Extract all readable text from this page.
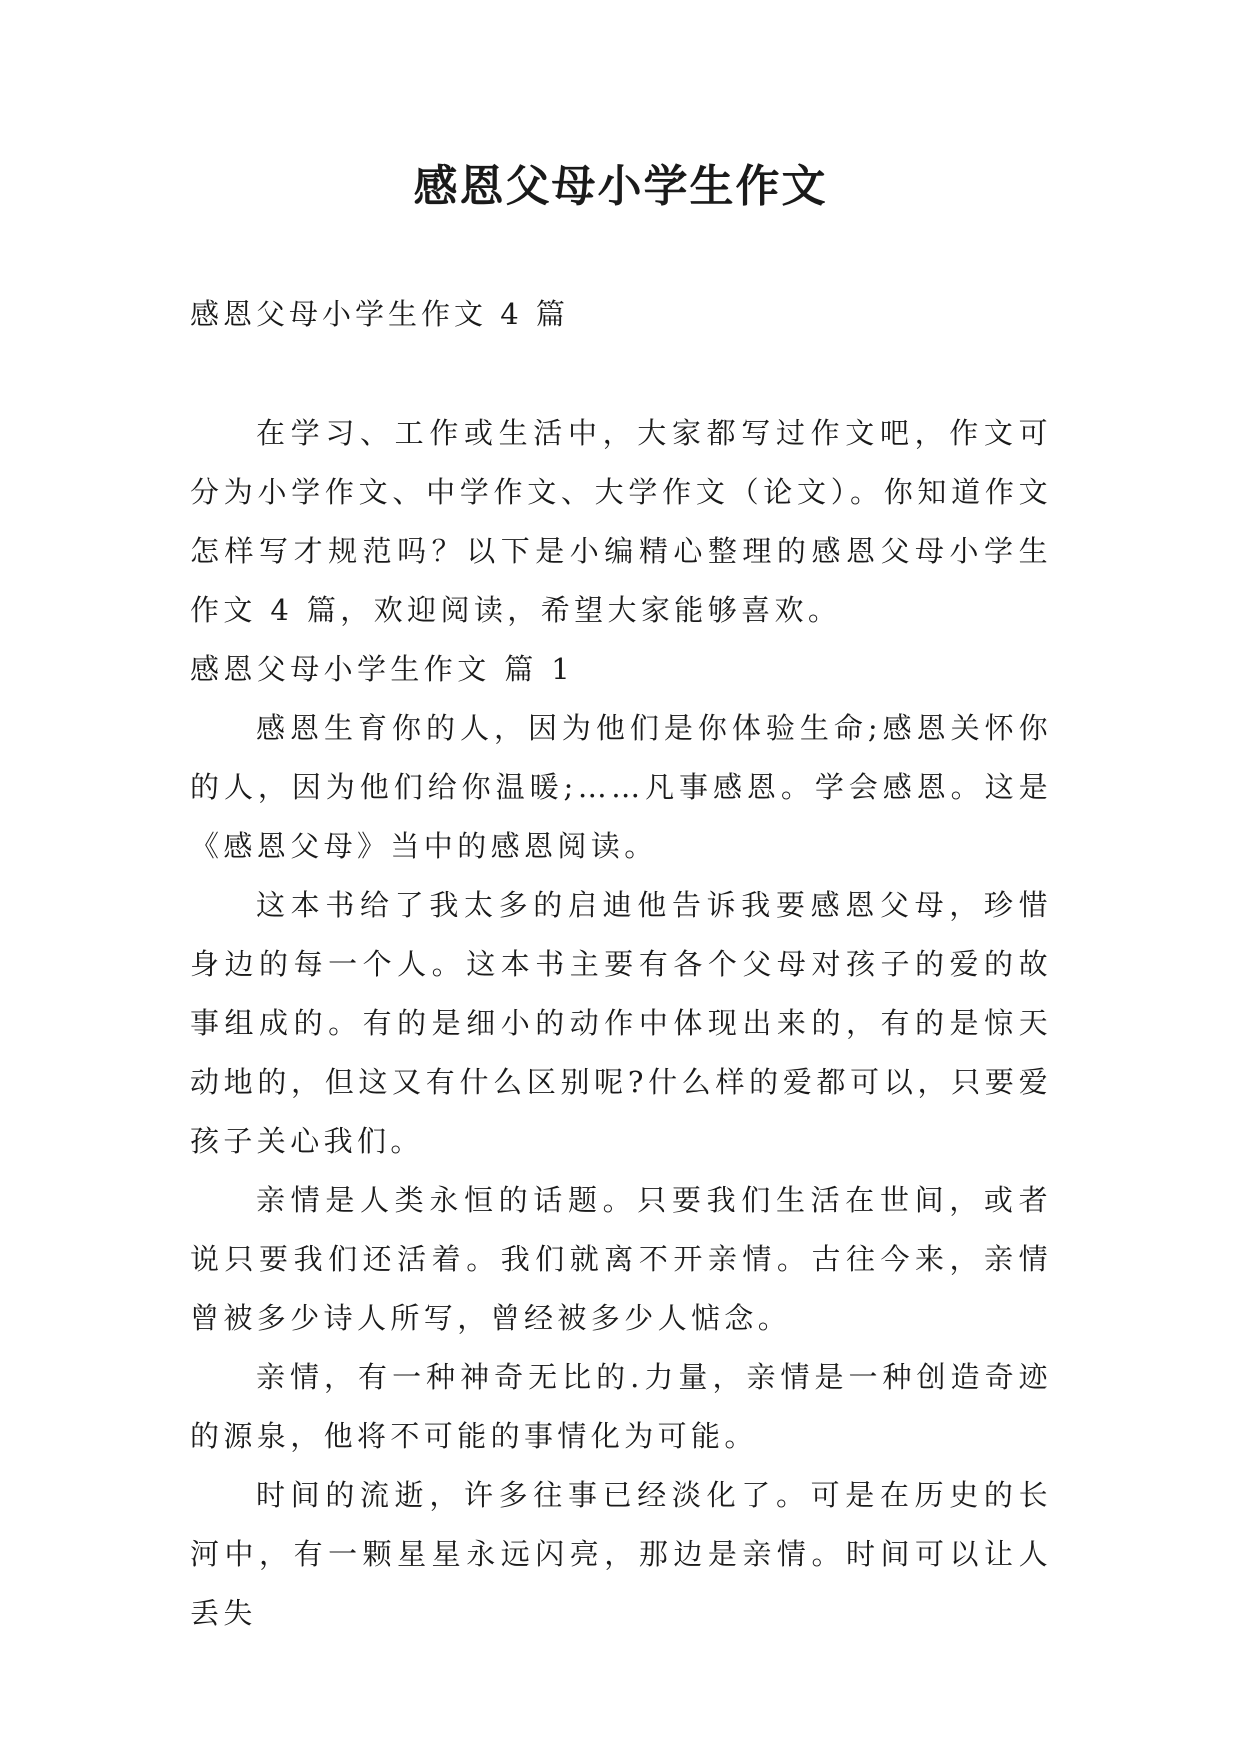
感恩父母小学生作文

感恩父母小学生作文 4 篇

在学习、工作或生活中，大家都写过作文吧，作文可分为小学作文、中学作文、大学作文（论文）。你知道作文怎样写才规范吗？以下是小编精心整理的感恩父母小学生作文 4 篇，欢迎阅读，希望大家能够喜欢。

感恩父母小学生作文 篇 1

感恩生育你的人，因为他们是你体验生命;感恩关怀你的人，因为他们给你温暖;……凡事感恩。学会感恩。这是《感恩父母》当中的感恩阅读。

这本书给了我太多的启迪他告诉我要感恩父母，珍惜身边的每一个人。这本书主要有各个父母对孩子的爱的故事组成的。有的是细小的动作中体现出来的，有的是惊天动地的，但这又有什么区别呢?什么样的爱都可以，只要爱孩子关心我们。

亲情是人类永恒的话题。只要我们生活在世间，或者说只要我们还活着。我们就离不开亲情。古往今来，亲情曾被多少诗人所写，曾经被多少人惦念。

亲情，有一种神奇无比的.力量，亲情是一种创造奇迹的源泉，他将不可能的事情化为可能。

时间的流逝，许多往事已经淡化了。可是在历史的长河中，有一颗星星永远闪亮，那边是亲情。时间可以让人丢失
